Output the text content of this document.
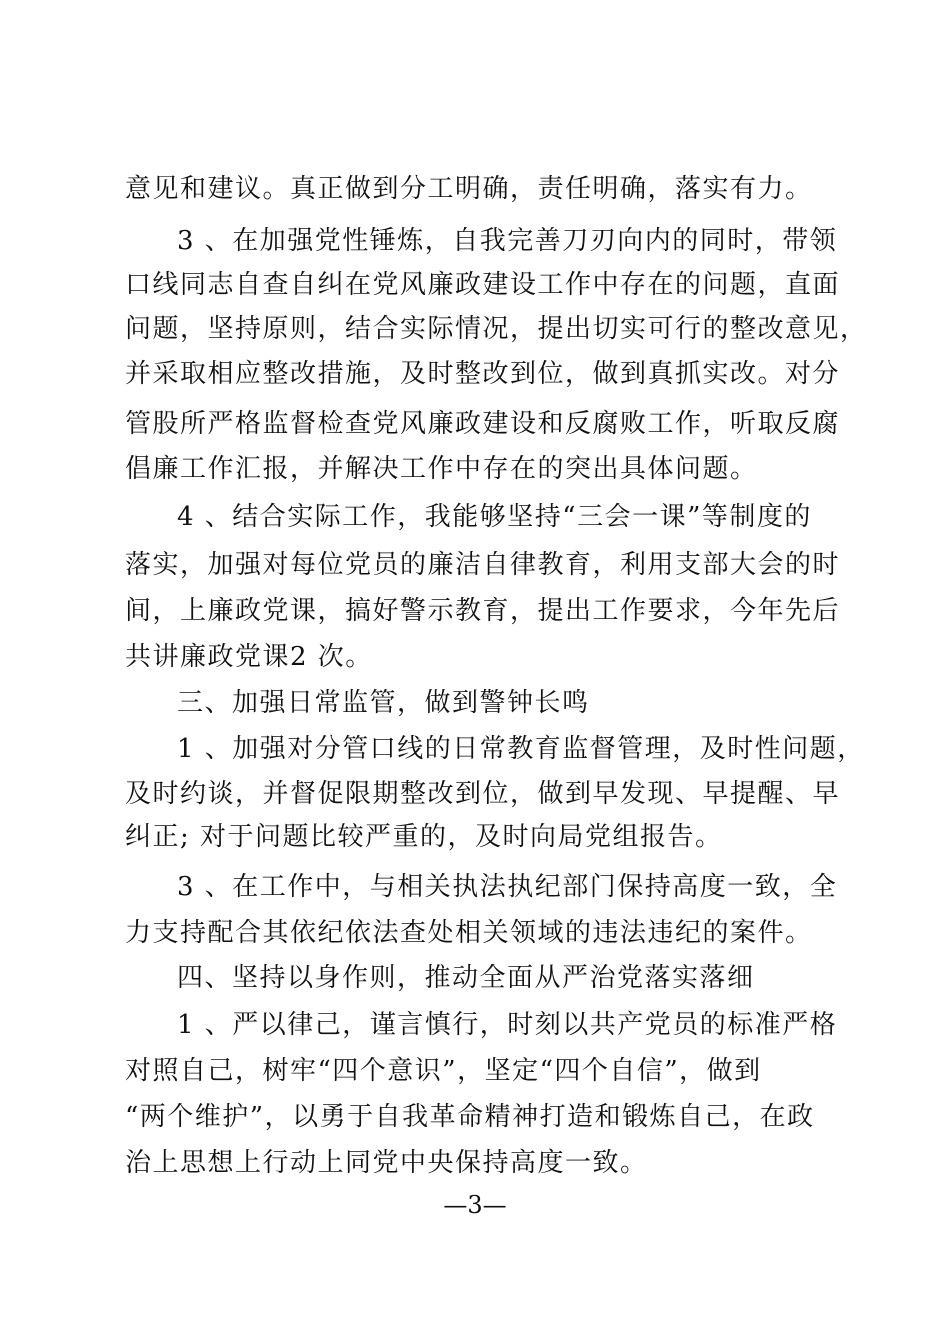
意见和建议。真正做到分工明确，责任明确，落实有力。
3 、在加强党性锤炼，自我完善刀刃向内的同时，带领
口线同志自查自纠在党风廉政建设工作中存在的问题，直面
问题，坚持原则，结合实际情况，提出切实可行的整改意见，
并采取相应整改措施，及时整改到位，做到真抓实改。对分
管股所严格监督检查党风廉政建设和反腐败工作，听取反腐
倡廉工作汇报，并解决工作中存在的突出具体问题。
4 、结合实际工作，我能够坚持“三会一课”等制度的
落实，加强对每位党员的廉洁自律教育，利用支部大会的时
间，上廉政党课，搞好警示教育，提出工作要求，今年先后
共讲廉政党课2 次。
三、加强日常监管，做到警钟长鸣
1 、加强对分管口线的日常教育监督管理，及时性问题，
及时约谈，并督促限期整改到位，做到早发现、早提醒、早
纠正; 对于问题比较严重的，及时向局党组报告。
3 、在工作中，与相关执法执纪部门保持高度一致，全
力支持配合其依纪依法查处相关领域的违法违纪的案件。
四、坚持以身作则，推动全面从严治党落实落细
1 、严以律己，谨言慎行，时刻以共产党员的标准严格
对照自己，树牢“四个意识”，坚定“四个自信”，做到
“两个维护”，以勇于自我革命精神打造和锻炼自己，在政
治上思想上行动上同党中央保持高度一致。
—3—
